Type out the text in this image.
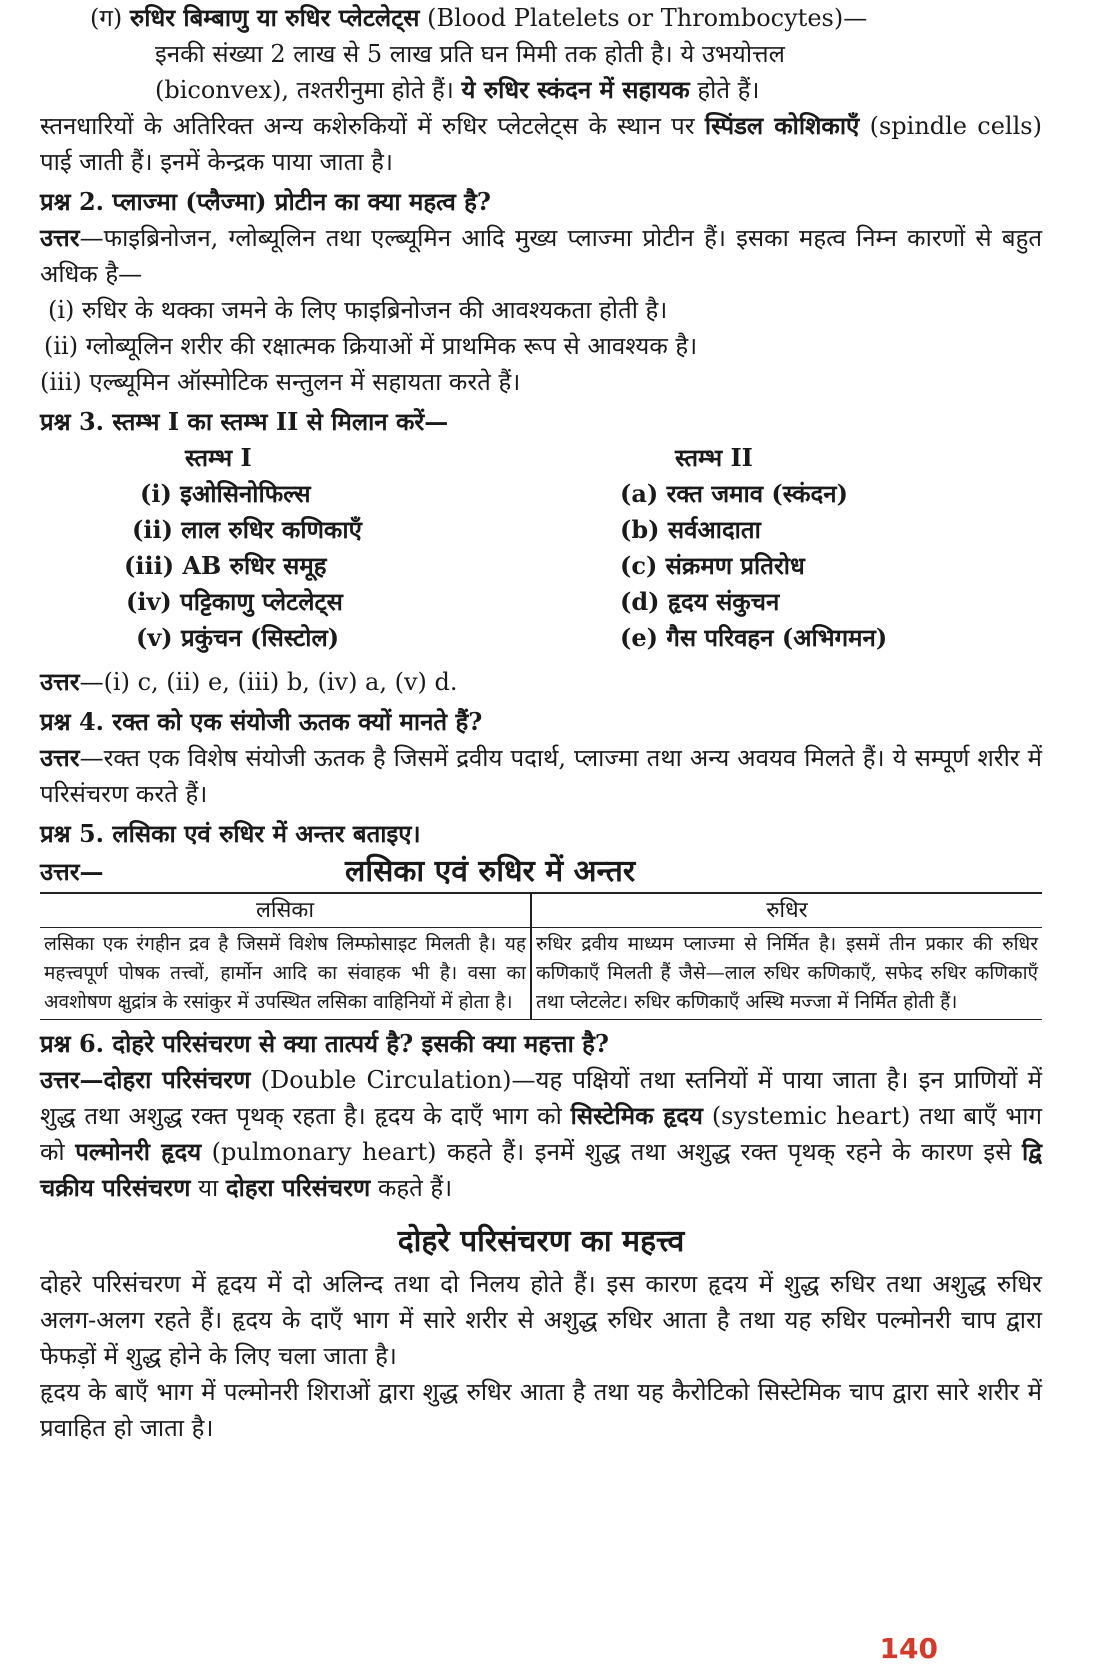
(ग) रुधिर बिम्बाणु या रुधिर प्लेटलेट्स (Blood Platelets or Thrombocytes)—

इनकी संख्या 2 लाख से 5 लाख प्रति घन मिमी तक होती है। ये उभयोत्तल

(biconvex), तश्तरीनुमा होते हैं। ये रुधिर स्कंदन में सहायक होते हैं।

स्तनधारियों के अतिरिक्त अन्य कशेरुकियों में रुधिर प्लेटलेट्स के स्थान पर स्पिंडल कोशिकाएँ (spindle cells) पाई जाती हैं। इनमें केन्द्रक पाया जाता है।

प्रश्न 2. प्लाज्मा (प्लैज्मा) प्रोटीन का क्या महत्व है?

उत्तर—फाइब्रिनोजन, ग्लोब्यूलिन तथा एल्ब्यूमिन आदि मुख्य प्लाज्मा प्रोटीन हैं। इसका महत्व निम्न कारणों से बहुत अधिक है—

(i) रुधिर के थक्का जमने के लिए फाइब्रिनोजन की आवश्यकता होती है।

(ii) ग्लोब्यूलिन शरीर की रक्षात्मक क्रियाओं में प्राथमिक रूप से आवश्यक है।

(iii) एल्ब्यूमिन ऑस्मोटिक सन्तुलन में सहायता करते हैं।

प्रश्न 3. स्तम्भ I का स्तम्भ II से मिलान करें—

स्तम्भ I	स्तम्भ II
(i) इओसिनोफिल्स	(a) रक्त जमाव (स्कंदन)
(ii) लाल रुधिर कणिकाएँ	(b) सर्वआदाता
(iii) AB रुधिर समूह	(c) संक्रमण प्रतिरोध
(iv) पट्टिकाणु प्लेटलेट्स	(d) हृदय संकुचन
(v) प्रकुंचन (सिस्टोल)	(e) गैस परिवहन (अभिगमन)

उत्तर—(i) c, (ii) e, (iii) b, (iv) a, (v) d.

प्रश्न 4. रक्त को एक संयोजी ऊतक क्यों मानते हैं?

उत्तर—रक्त एक विशेष संयोजी ऊतक है जिसमें द्रवीय पदार्थ, प्लाज्मा तथा अन्य अवयव मिलते हैं। ये सम्पूर्ण शरीर में परिसंचरण करते हैं।

प्रश्न 5. लसिका एवं रुधिर में अन्तर बताइए।

उत्तर—	लसिका एवं रुधिर में अन्तर
लसिका	रुधिर
लसिका एक रंगहीन द्रव है जिसमें विशेष लिम्फोसाइट मिलती है। यह महत्त्वपूर्ण पोषक तत्त्वों, हार्मोन आदि का संवाहक भी है। वसा का अवशोषण क्षुद्रांत्र के रसांकुर में उपस्थित लसिका वाहिनियों में होता है।	रुधिर द्रवीय माध्यम प्लाज्मा से निर्मित है। इसमें तीन प्रकार की रुधिर कणिकाएँ मिलती हैं जैसे—लाल रुधिर कणिकाएँ, सफेद रुधिर कणिकाएँ तथा प्लेटलेट। रुधिर कणिकाएँ अस्थि मज्जा में निर्मित होती हैं।

प्रश्न 6. दोहरे परिसंचरण से क्या तात्पर्य है? इसकी क्या महत्ता है?

उत्तर—दोहरा परिसंचरण (Double Circulation)—यह पक्षियों तथा स्तनियों में पाया जाता है। इन प्राणियों में शुद्ध तथा अशुद्ध रक्त पृथक् रहता है। हृदय के दाएँ भाग को सिस्टेमिक हृदय (systemic heart) तथा बाएँ भाग को पल्मोनरी हृदय (pulmonary heart) कहते हैं। इनमें शुद्ध तथा अशुद्ध रक्त पृथक् रहने के कारण इसे द्वि चक्रीय परिसंचरण या दोहरा परिसंचरण कहते हैं।

दोहरे परिसंचरण का महत्त्व

दोहरे परिसंचरण में हृदय में दो अलिन्द तथा दो निलय होते हैं। इस कारण हृदय में शुद्ध रुधिर तथा अशुद्ध रुधिर अलग-अलग रहते हैं। हृदय के दाएँ भाग में सारे शरीर से अशुद्ध रुधिर आता है तथा यह रुधिर पल्मोनरी चाप द्वारा फेफड़ों में शुद्ध होने के लिए चला जाता है।

हृदय के बाएँ भाग में पल्मोनरी शिराओं द्वारा शुद्ध रुधिर आता है तथा यह कैरोटिको सिस्टेमिक चाप द्वारा सारे शरीर में प्रवाहित हो जाता है।

140
